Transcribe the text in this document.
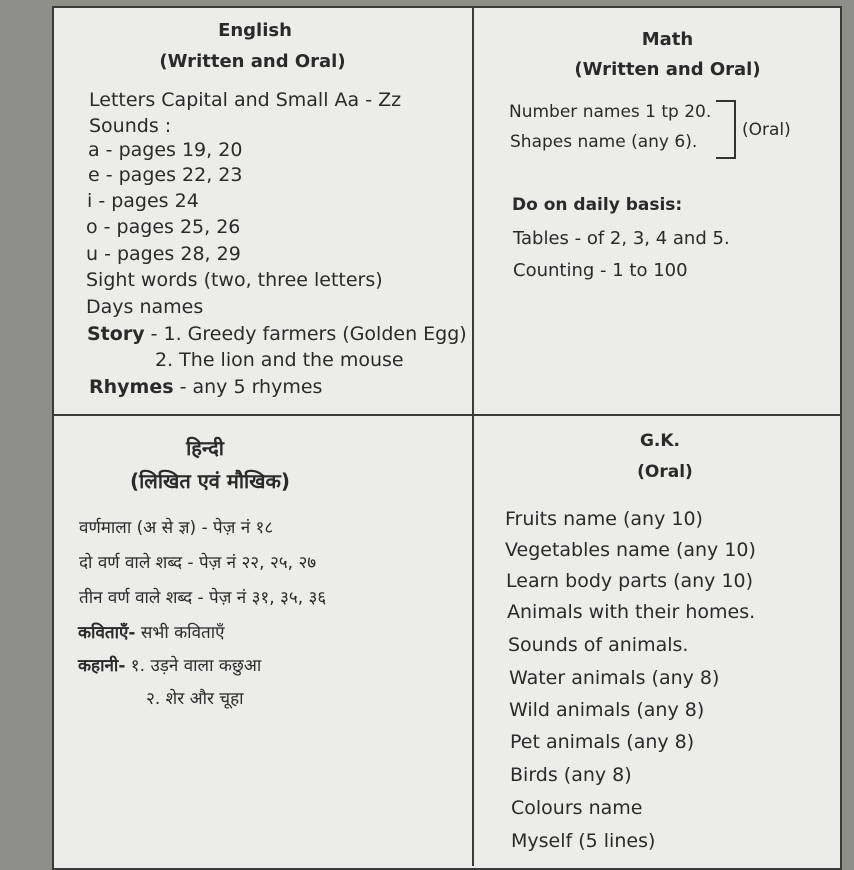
English
(Written and Oral)
Letters Capital and Small Aa - Zz
Sounds :
a - pages 19, 20
e - pages 22, 23
i - pages 24
o - pages 25, 26
u - pages 28, 29
Sight words (two, three letters)
Days names
Story - 1. Greedy farmers (Golden Egg)
2. The lion and the mouse
Rhymes - any 5 rhymes
Math
(Written and Oral)
Number names 1 tp 20.
Shapes name (any 6).
(Oral)
Do on daily basis:
Tables - of 2, 3, 4 and 5.
Counting - 1 to 100
हिन्दी
(लिखित एवं मौखिक)
वर्णमाला (अ से ज्ञ) - पेज़ नं १८
दो वर्ण वाले शब्द - पेज़ नं २२, २५, २७
तीन वर्ण वाले शब्द - पेज़ नं ३१, ३५, ३६
कविताएँ- सभी कविताएँ
कहानी- १. उड़ने वाला कछुआ
२. शेर और चूहा
G.K.
(Oral)
Fruits name (any 10)
Vegetables name (any 10)
Learn body parts (any 10)
Animals with their homes.
Sounds of animals.
Water animals (any 8)
Wild animals (any 8)
Pet animals (any 8)
Birds (any 8)
Colours name
Myself (5 lines)
